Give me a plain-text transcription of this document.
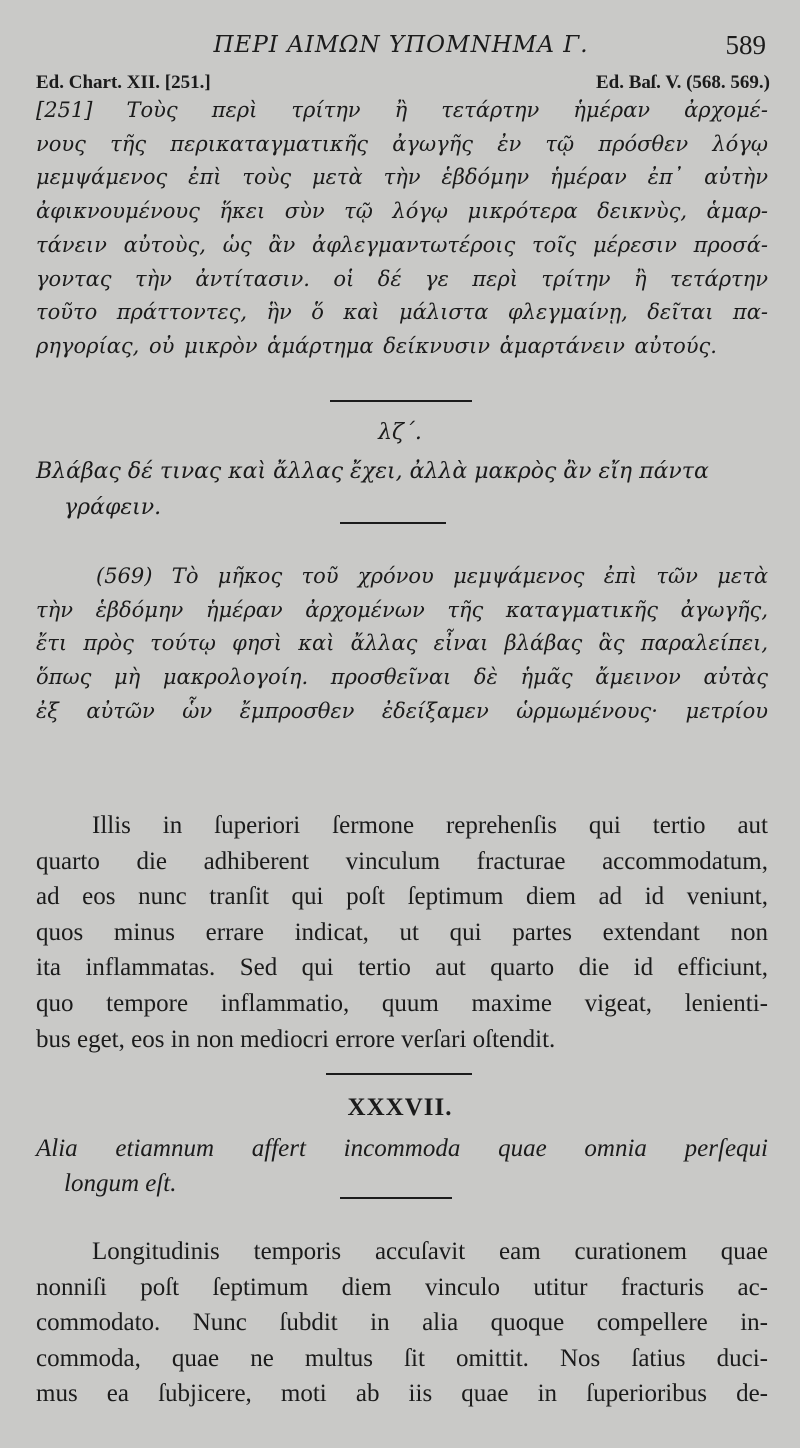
ΠΕΡΙ ΑΙΜΩΝ ΥΠΟΜΝΗΜΑ Γ.	589
Ed. Chart. XII. [251.]	Ed. Baſ. V. (568. 569.)

[251] Τοὺς περὶ τρίτην ἢ τετάρτην ἡμέραν ἀρχομέ-

νους τῆς περικαταγματικῆς ἀγωγῆς ἐν τῷ πρόσθεν λόγῳ

μεμψάμενος ἐπὶ τοὺς μετὰ τὴν ἑβδόμην ἡμέραν ἐπ᾽ αὐτὴν

ἀφικνουμένους ἥκει σὺν τῷ λόγῳ μικρότερα δεικνὺς, ἁμαρ-

τάνειν αὐτοὺς, ὡς ἂν ἀφλεγμαντωτέροις τοῖς μέρεσιν προσά-

γοντας τὴν ἀντίτασιν. οἱ δέ γε περὶ τρίτην ἢ τετάρτην

τοῦτο πράττοντες, ἣν ὅ καὶ μάλιστα φλεγμαίνῃ, δεῖται πα-

ρηγορίας, οὐ μικρὸν ἁμάρτημα δείκνυσιν ἁμαρτάνειν αὐτούς.

λζ΄.

Βλάβας δέ τινας καὶ ἄλλας ἔχει, ἀλλὰ μακρὸς ἂν εἴη πάντα

γράφειν.

(569) Τὸ μῆκος τοῦ χρόνου μεμψάμενος ἐπὶ τῶν μετὰ

τὴν ἑβδόμην ἡμέραν ἀρχομένων τῆς καταγματικῆς ἀγωγῆς,

ἔτι πρὸς τούτῳ φησὶ καὶ ἄλλας εἶναι βλάβας ἃς παραλείπει,

ὅπως μὴ μακρολογοίη. προσθεῖναι δὲ ἡμᾶς ἄμεινον αὐτὰς

ἐξ αὐτῶν ὧν ἔμπροσθεν ἐδείξαμεν ὡρμωμένους· μετρίου

Illis in ſuperiori ſermone reprehenſis qui tertio aut

quarto die adhiberent vinculum fracturae accommodatum,

ad eos nunc tranſit qui poſt ſeptimum diem ad id veniunt,

quos minus errare indicat, ut qui partes extendant non

ita inflammatas. Sed qui tertio aut quarto die id efficiunt,

quo tempore inflammatio, quum maxime vigeat, lenienti-

bus eget, eos in non mediocri errore verſari oſtendit.

XXXVII.

Alia etiamnum affert incommoda quae omnia perſequi

longum eſt.

Longitudinis temporis accuſavit eam curationem quae

nonniſi poſt ſeptimum diem vinculo utitur fracturis ac-

commodato. Nunc ſubdit in alia quoque compellere in-

commoda, quae ne multus ſit omittit. Nos ſatius duci-

mus ea ſubjicere, moti ab iis quae in ſuperioribus de-
